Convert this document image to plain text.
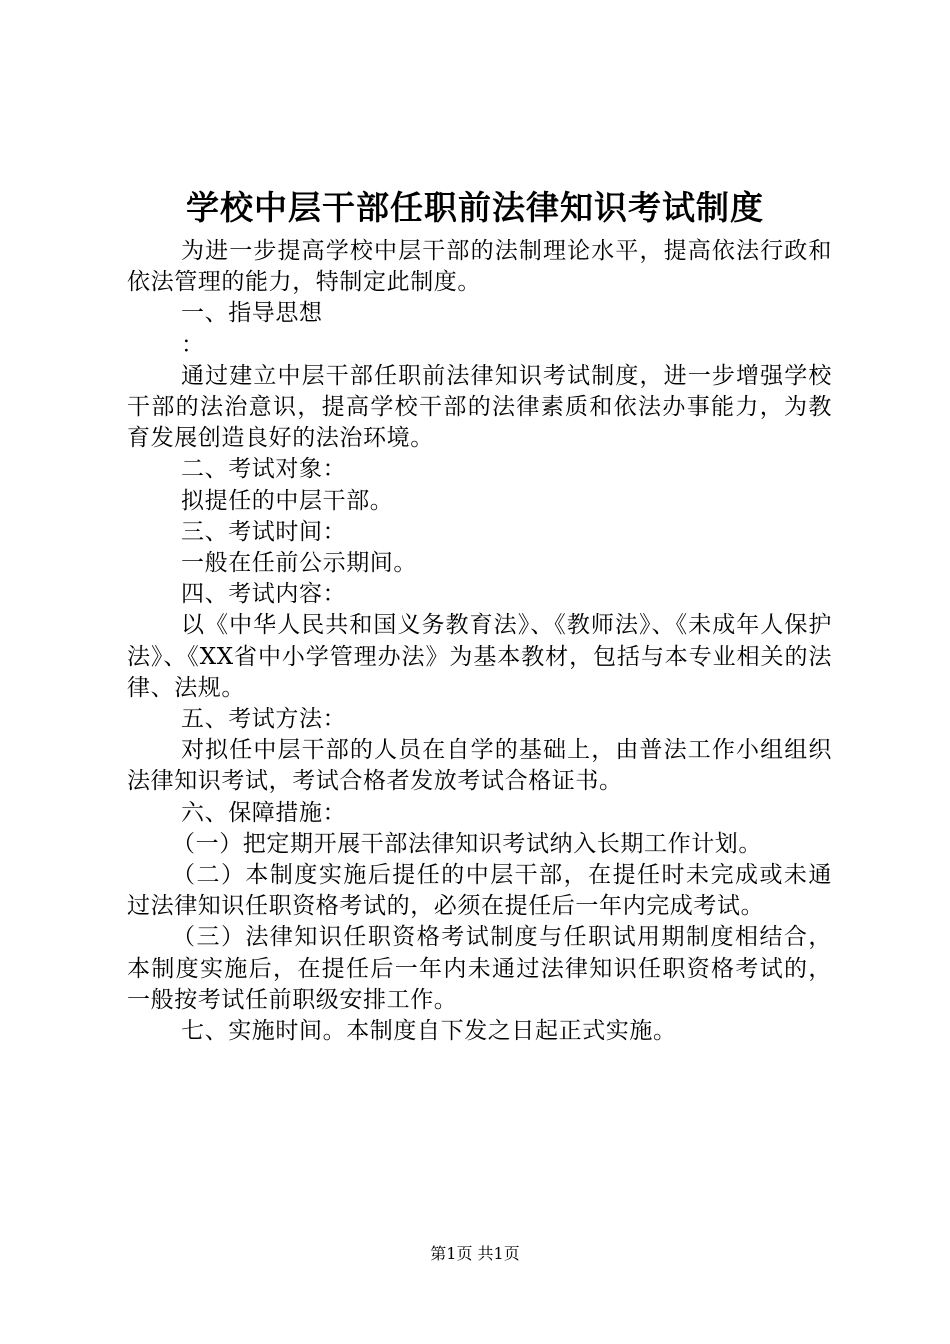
学校中层干部任职前法律知识考试制度

为进一步提高学校中层干部的法制理论水平，提高依法行政和依法管理的能力，特制定此制度。

一、指导思想

：

通过建立中层干部任职前法律知识考试制度，进一步增强学校干部的法治意识，提高学校干部的法律素质和依法办事能力，为教育发展创造良好的法治环境。

二、考试对象：

拟提任的中层干部。

三、考试时间：

一般在任前公示期间。

四、考试内容：

以《中华人民共和国义务教育法》、《教师法》、《未成年人保护法》、《XX省中小学管理办法》为基本教材，包括与本专业相关的法律、法规。

五、考试方法：

对拟任中层干部的人员在自学的基础上，由普法工作小组组织法律知识考试，考试合格者发放考试合格证书。

六、保障措施：

（一）把定期开展干部法律知识考试纳入长期工作计划。

（二）本制度实施后提任的中层干部，在提任时未完成或未通过法律知识任职资格考试的，必须在提任后一年内完成考试。

（三）法律知识任职资格考试制度与任职试用期制度相结合，本制度实施后，在提任后一年内未通过法律知识任职资格考试的，一般按考试任前职级安排工作。

七、实施时间。本制度自下发之日起正式实施。

第1页 共1页
